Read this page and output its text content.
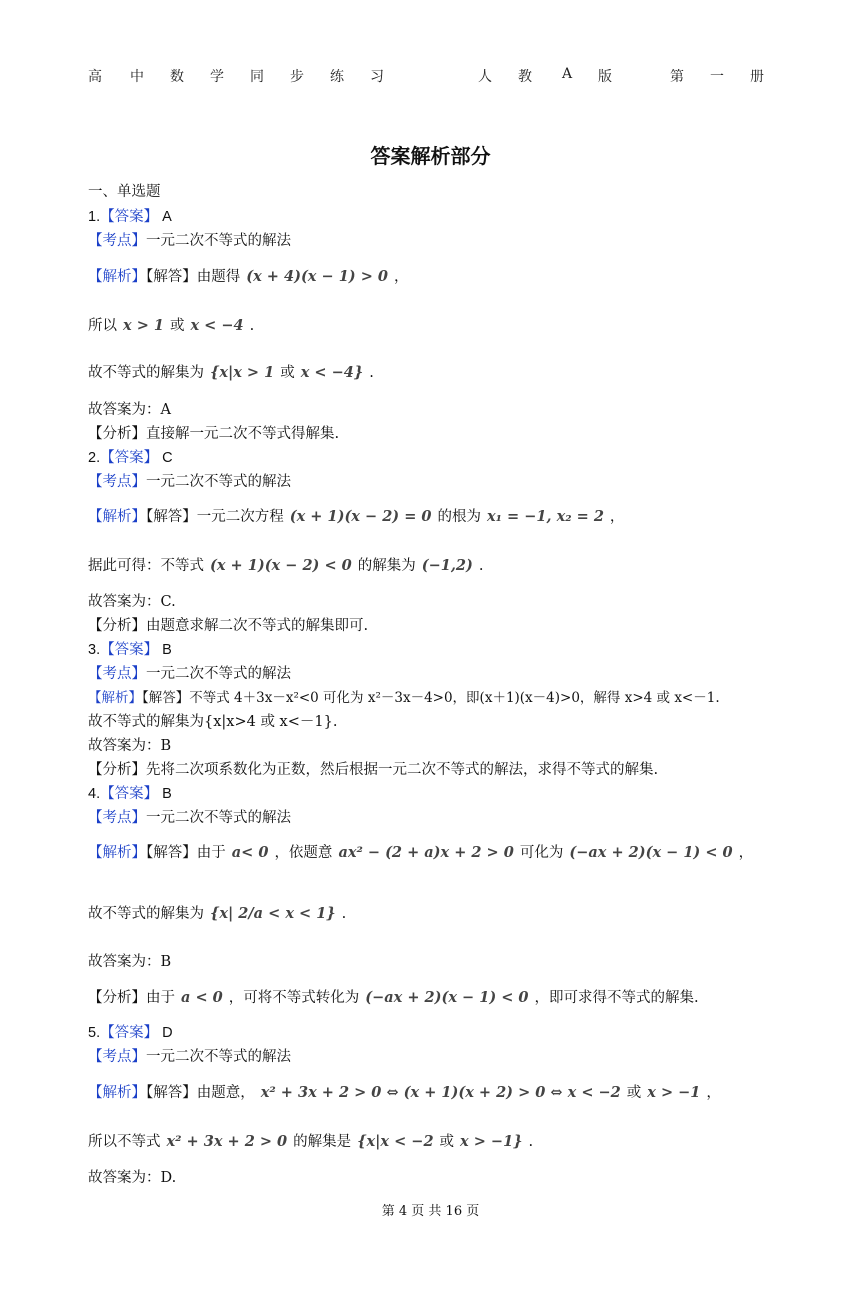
高 中 数 学 同 步 练 习	人 教 A 版	第 一 册
答案解析部分
一、单选题
1.【答案】 A
【考点】一元二次不等式的解法
【解析】【解答】由题得 (x + 4)(x − 1) > 0 ，
所以 x > 1 或 x < −4 .
故不等式的解集为 {x|x > 1 或 x < −4} .
故答案为：A
【分析】直接解一元二次不等式得解集.
2.【答案】 C
【考点】一元二次不等式的解法
【解析】【解答】一元二次方程 (x + 1)(x − 2) = 0 的根为 x₁ = −1, x₂ = 2 ，
据此可得：不等式 (x + 1)(x − 2) < 0 的解集为 (−1,2) .
故答案为：C.
【分析】由题意求解二次不等式的解集即可.
3.【答案】 B
【考点】一元二次不等式的解法
【解析】【解答】不等式 4＋3x－x²<0 可化为 x²－3x－4>0，即(x＋1)(x－4)>0，解得 x>4 或 x<－1.
故不等式的解集为{x|x>4 或 x<－1}.
故答案为：B
【分析】先将二次项系数化为正数，然后根据一元二次不等式的解法，求得不等式的解集.
4.【答案】 B
【考点】一元二次不等式的解法
【解析】【解答】由于 a< 0 ，依题意 ax² − (2 + a)x + 2 > 0 可化为 (−ax + 2)(x − 1) < 0 ，
故不等式的解集为 {x| 2/a < x < 1} .
故答案为：B
【分析】由于 a < 0 ，可将不等式转化为 (−ax + 2)(x − 1) < 0 ，即可求得不等式的解集.
5.【答案】 D
【考点】一元二次不等式的解法
【解析】【解答】由题意， x² + 3x + 2 > 0 ⇔ (x + 1)(x + 2) > 0 ⇔ x < −2 或 x > −1 ，
所以不等式 x² + 3x + 2 > 0 的解集是 {x|x < −2 或 x > −1} .
故答案为：D.
第 4 页 共 16 页
